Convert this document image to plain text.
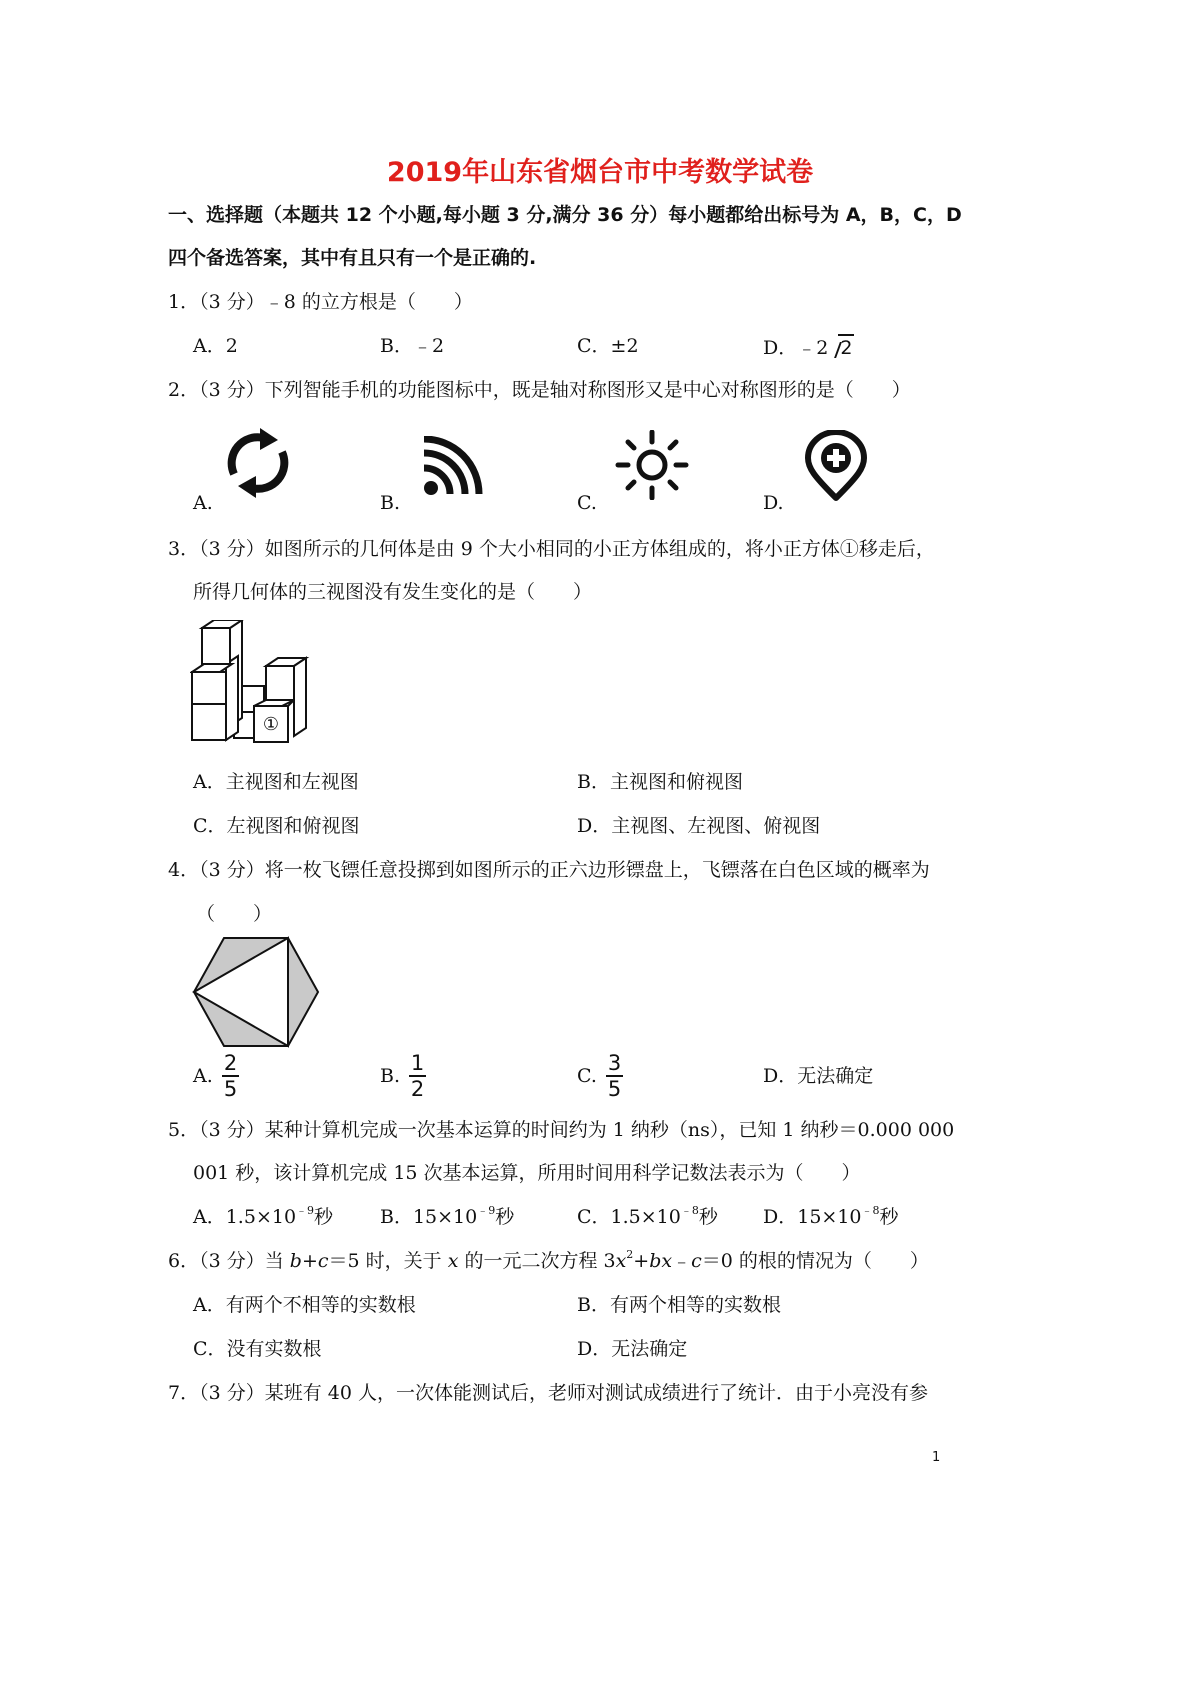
2019年山东省烟台市中考数学试卷
一、选择题（本题共 12 个小题,每小题 3 分,满分 36 分）每小题都给出标号为 A，B，C，D
四个备选答案，其中有且只有一个是正确的.
1．（3 分）﹣8 的立方根是（　　）
A．2	B．﹣2	C．±2	D．﹣2 2
2．（3 分）下列智能手机的功能图标中，既是轴对称图形又是中心对称图形的是（　　）
A.	B.	C.	D.
3．（3 分）如图所示的几何体是由 9 个大小相同的小正方体组成的，将小正方体①移走后，
所得几何体的三视图没有发生变化的是（　　）
①
A．主视图和左视图	B．主视图和俯视图
C．左视图和俯视图	D．主视图、左视图、俯视图
4．（3 分）将一枚飞镖任意投掷到如图所示的正六边形镖盘上，飞镖落在白色区域的概率为
（　　）
A.
2
5
B.
1
2
C.
3
5
D．无法确定
5．（3 分）某种计算机完成一次基本运算的时间约为 1 纳秒（ns），已知 1 纳秒＝0.000 000
001 秒，该计算机完成 15 次基本运算，所用时间用科学记数法表示为（　　）
A．$1.5\times 10^{﹣9}$秒 B．$15\times 10^{﹣9}$秒	C．$1.5\times 10^{﹣8}$秒 D．$15\times 10^{﹣8}$秒
6．（3 分）当 b+c＝5 时，关于 x 的一元二次方程 $3x^2+bx﹣c=0$ 的根的情况为（　　）
A．有两个不相等的实数根	B．有两个相等的实数根
C．没有实数根	D．无法确定
7．（3 分）某班有 40 人，一次体能测试后，老师对测试成绩进行了统计．由于小亮没有参
1
